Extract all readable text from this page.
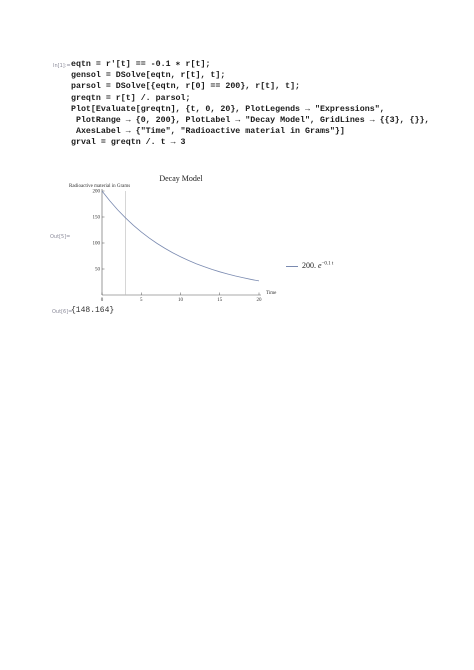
In[1]:= eqtn = r'[t] == -0.1 ∗ r[t];
gensol = DSolve[eqtn, r[t], t];
parsol = DSolve[{eqtn, r[0] == 200}, r[t], t];
greqtn = r[t] /. parsol;
Plot[Evaluate[greqtn], {t, 0, 20}, PlotLegends → "Expressions",
PlotRange → {0, 200}, PlotLabel → "Decay Model", GridLines → {{3}, {}},
AxesLabel → {"Time", "Radioactive material in Grams"}]
grval = greqtn /. t → 3
Out[5]=
Decay Model
Radioactive material in Grams
Time
0	5	10	15	20
50
100
150
200
200. $e^{-0.1 t}$
Out[6]=
{148.164}
